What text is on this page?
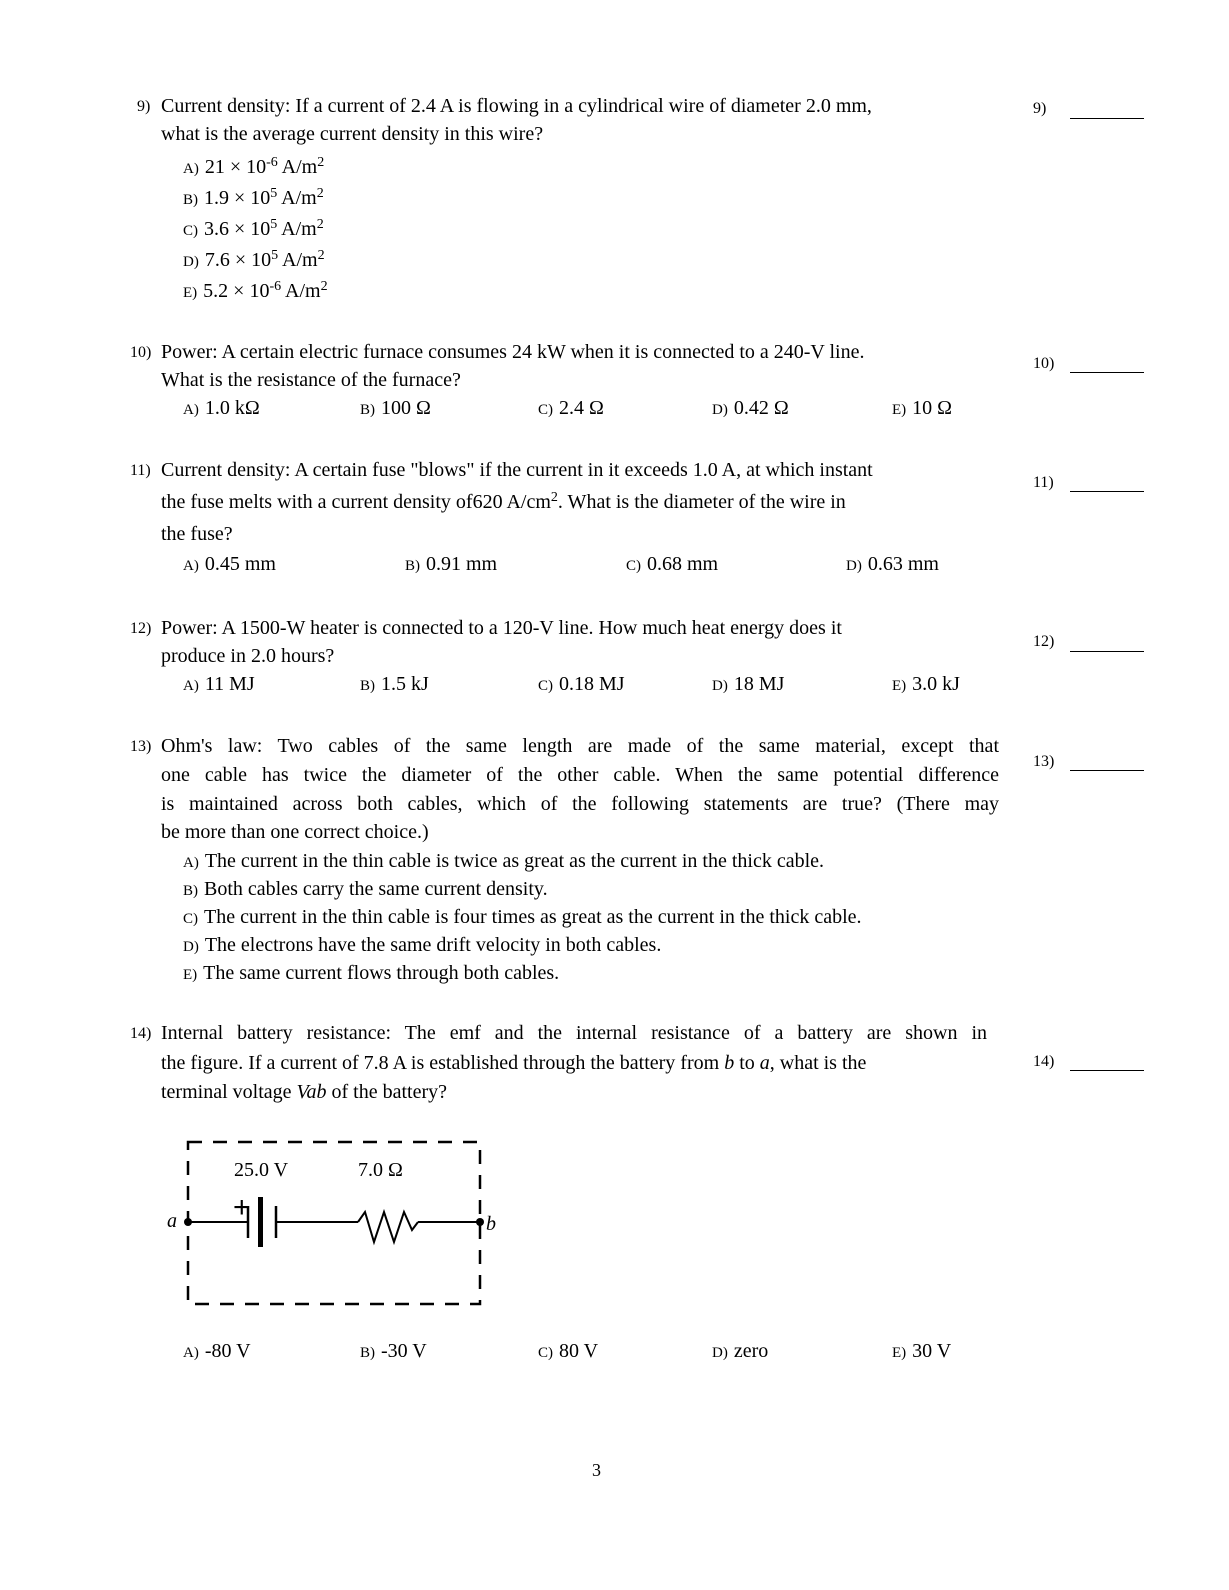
9) Current density: If a current of 2.4 A is flowing in a cylindrical wire of diameter 2.0 mm,
what is the average current density in this wire?
A) $21 \times 10^{-6}$ $A/m^2$
B) $1.9 \times 10^5$ $A/m^2$
C) $3.6 \times 10^5$ $A/m^2$
D) $7.6 \times 10^5$ $A/m^2$
E) $5.2 \times 10^{-6}$ $A/m^2$
9)
10) Power: A certain electric furnace consumes 24 kW when it is connected to a 240-V line.
What is the resistance of the furnace?
A) 1.0 kΩ	B) 100 Ω	C) 2.4 Ω	D) 0.42 Ω	E) 10 Ω
10)
11) Current density: A certain fuse "blows" if the current in it exceeds 1.0 A, at which instant
the fuse melts with a current density of620 $A/cm^2$. What is the diameter of the wire in
the fuse?
A) 0.45 mm	B) 0.91 mm	C) 0.68 mm	D) 0.63 mm
11)
12) Power: A 1500-W heater is connected to a 120-V line. How much heat energy does it
produce in 2.0 hours?
A) 11 MJ	B) 1.5 kJ	C) 0.18 MJ	D) 18 MJ	E) 3.0 kJ
12)
13) Ohm's law: Two cables of the same length are made of the same material, except that
one cable has twice the diameter of the other cable. When the same potential difference
is maintained across both cables, which of the following statements are true? (There may
be more than one correct choice.)
A) The current in the thin cable is twice as great as the current in the thick cable.
B) Both cables carry the same current density.
C) The current in the thin cable is four times as great as the current in the thick cable.
D) The electrons have the same drift velocity in both cables.
E) The same current flows through both cables.
13)
14) Internal battery resistance: The emf and the internal resistance of a battery are shown in
the figure. If a current of 7.8 A is established through the battery from b to a, what is the
terminal voltage Vab of the battery?
25.0 V	7.0 Ω
+
a	b
A) -80 V	B) -30 V	C) 80 V	D) zero	E) 30 V
14)
3
